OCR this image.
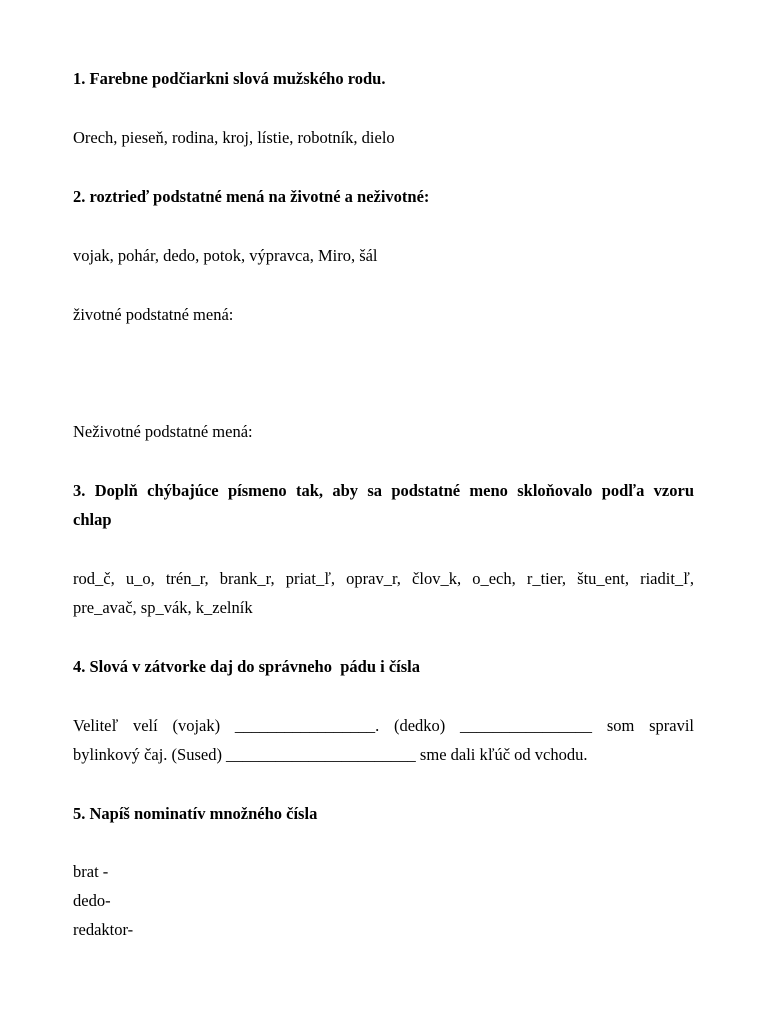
1. Farebne podčiarkni slová mužského rodu.
Orech, pieseň, rodina, kroj, lístie, robotník, dielo
2. roztrieď podstatné mená na životné a neživotné:
vojak, pohár, dedo, potok, výpravca, Miro, šál
životné podstatné mená:
Neživotné podstatné mená:
3. Doplň chýbajúce písmeno tak, aby sa podstatné meno skloňovalo podľa vzoru
chlap
rod_č, u_o, trén_r, brank_r, priat_ľ, oprav_r, člov_k, o_ech, r_tier, štu_ent, riadit_ľ,
pre_avač, sp_vák, k_zelník
4. Slová v zátvorke daj do správneho  pádu i čísla
Veliteľ velí (vojak) _________________. (dedko) ________________ som spravil
bylinkový čaj. (Sused) _______________________ sme dali kľúč od vchodu.
5. Napíš nominatív množného čísla
brat -
dedo-
redaktor-
